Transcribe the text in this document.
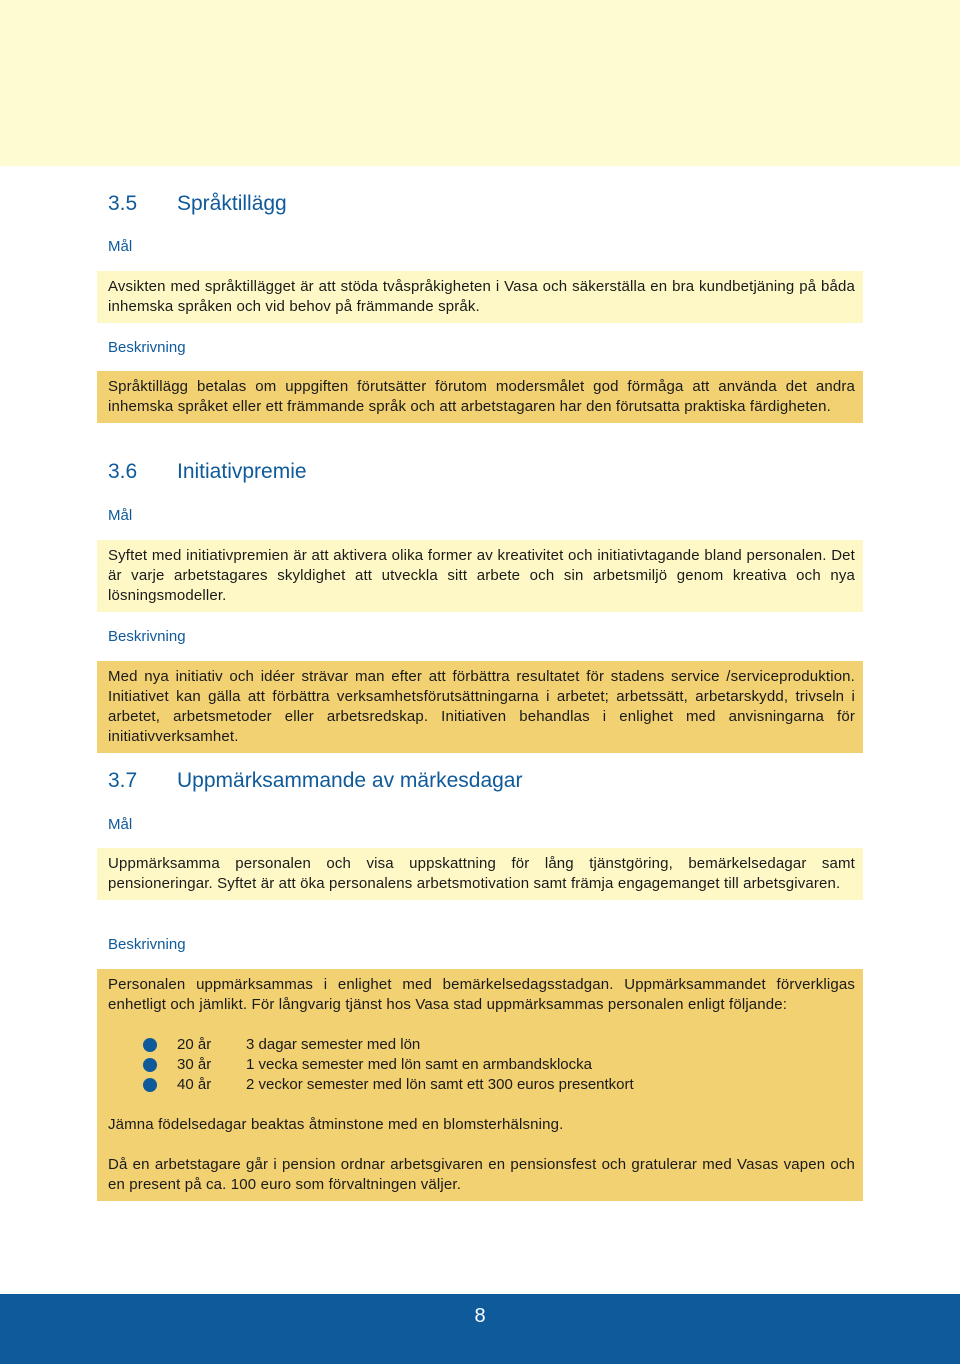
3.5 Språktillägg
Mål

Avsikten med språktillägget är att stöda tvåspråkigheten i Vasa och säkerställa en bra kundbetjäning på båda inhemska språken och vid behov på främmande språk.

Beskrivning

Språktillägg betalas om uppgiften förutsätter förutom modersmålet god förmåga att använda det andra inhemska språket eller ett främmande språk och att arbetstagaren har den förutsatta praktiska färdigheten.

3.6 Initiativpremie
Mål

Syftet med initiativpremien är att aktivera olika former av kreativitet och initiativtagande bland personalen. Det är varje arbetstagares skyldighet att utveckla sitt arbete och sin arbetsmiljö genom kreativa och nya lösningsmodeller.

Beskrivning

Med nya initiativ och idéer strävar man efter att förbättra resultatet för stadens service /serviceproduktion. Initiativet kan gälla att förbättra verksamhetsförutsättningarna i arbetet; arbetssätt, arbetarskydd, trivseln i arbetet, arbetsmetoder eller arbetsredskap. Initiativen behandlas i enlighet med anvisningarna för initiativverksamhet.

3.7 Uppmärksammande av märkesdagar
Mål

Uppmärksamma personalen och visa uppskattning för lång tjänstgöring, bemärkelsedagar samt pensioneringar. Syftet är att öka personalens arbetsmotivation samt främja engagemanget till arbetsgivaren.

Beskrivning

Personalen uppmärksammas i enlighet med bemärkelsedagsstadgan. Uppmärksammandet förverkligas enhetligt och jämlikt. För långvarig tjänst hos Vasa stad uppmärksammas personalen enligt följande:

20 år 3 dagar semester med lön
30 år 1 vecka semester med lön samt en armbandsklocka
40 år 2 veckor semester med lön samt ett 300 euros presentkort

Jämna födelsedagar beaktas åtminstone med en blomsterhälsning.

Då en arbetstagare går i pension ordnar arbetsgivaren en pensionsfest och gratulerar med Vasas vapen och en present på ca. 100 euro som förvaltningen väljer.

8
